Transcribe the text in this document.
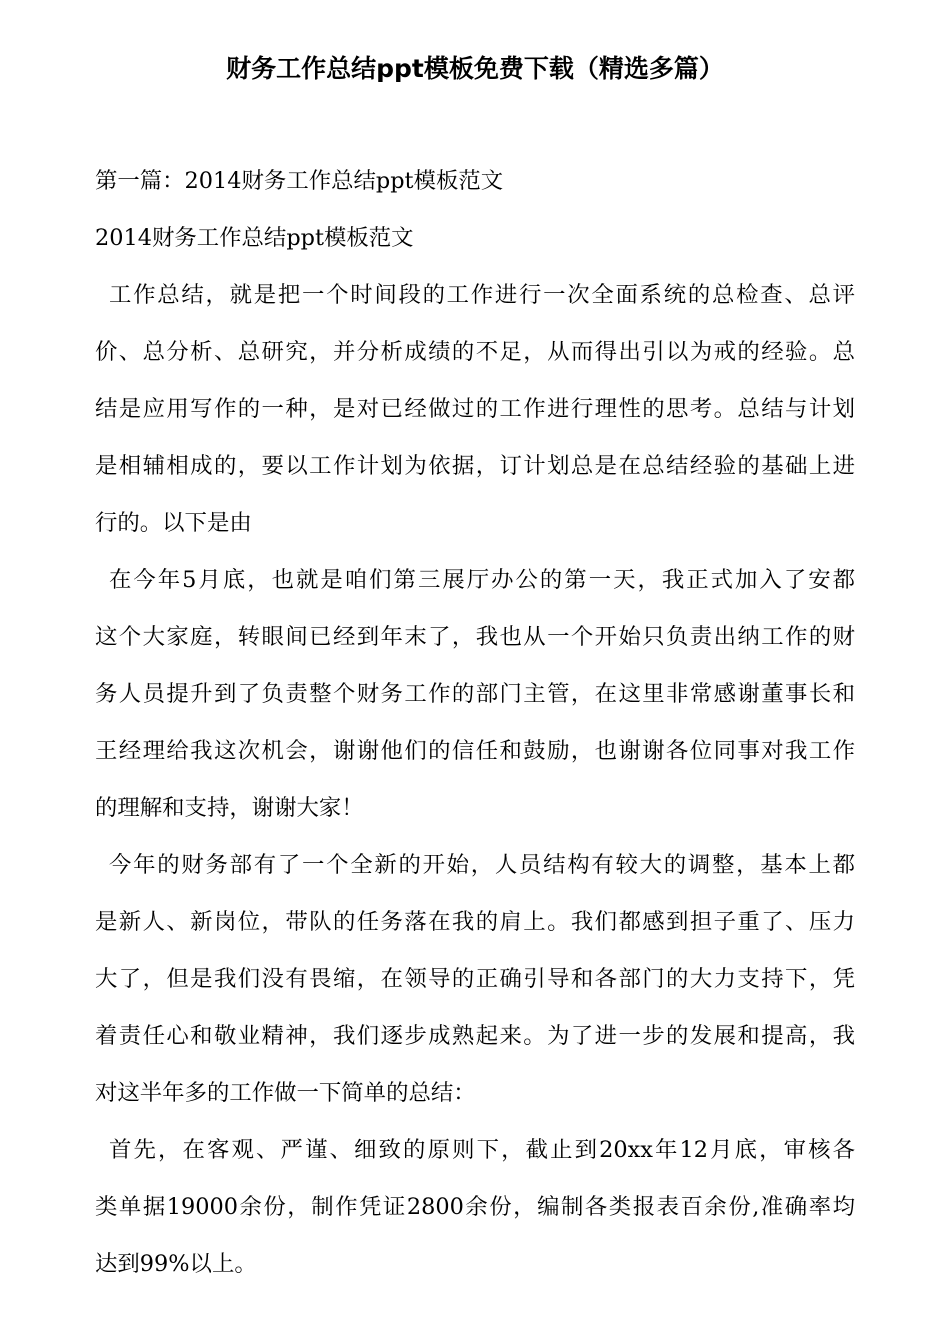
财务工作总结ppt模板免费下载（精选多篇）
第一篇：2014财务工作总结ppt模板范文
2014财务工作总结ppt模板范文

工作总结，就是把一个时间段的工作进行一次全面系统的总检查、总评
价、总分析、总研究，并分析成绩的不足，从而得出引以为戒的经验。总
结是应用写作的一种，是对已经做过的工作进行理性的思考。总结与计划
是相辅相成的，要以工作计划为依据，订计划总是在总结经验的基础上进
行的。以下是由

在今年5月底，也就是咱们第三展厅办公的第一天，我正式加入了安都
这个大家庭，转眼间已经到年末了，我也从一个开始只负责出纳工作的财
务人员提升到了负责整个财务工作的部门主管，在这里非常感谢董事长和
王经理给我这次机会，谢谢他们的信任和鼓励，也谢谢各位同事对我工作
的理解和支持，谢谢大家！

今年的财务部有了一个全新的开始，人员结构有较大的调整，基本上都
是新人、新岗位，带队的任务落在我的肩上。我们都感到担子重了、压力
大了，但是我们没有畏缩，在领导的正确引导和各部门的大力支持下，凭
着责任心和敬业精神，我们逐步成熟起来。为了进一步的发展和提高，我
对这半年多的工作做一下简单的总结：

首先，在客观、严谨、细致的原则下，截止到20xx年12月底，审核各
类单据19000余份，制作凭证2800余份，编制各类报表百余份,准确率均
达到99%以上。
